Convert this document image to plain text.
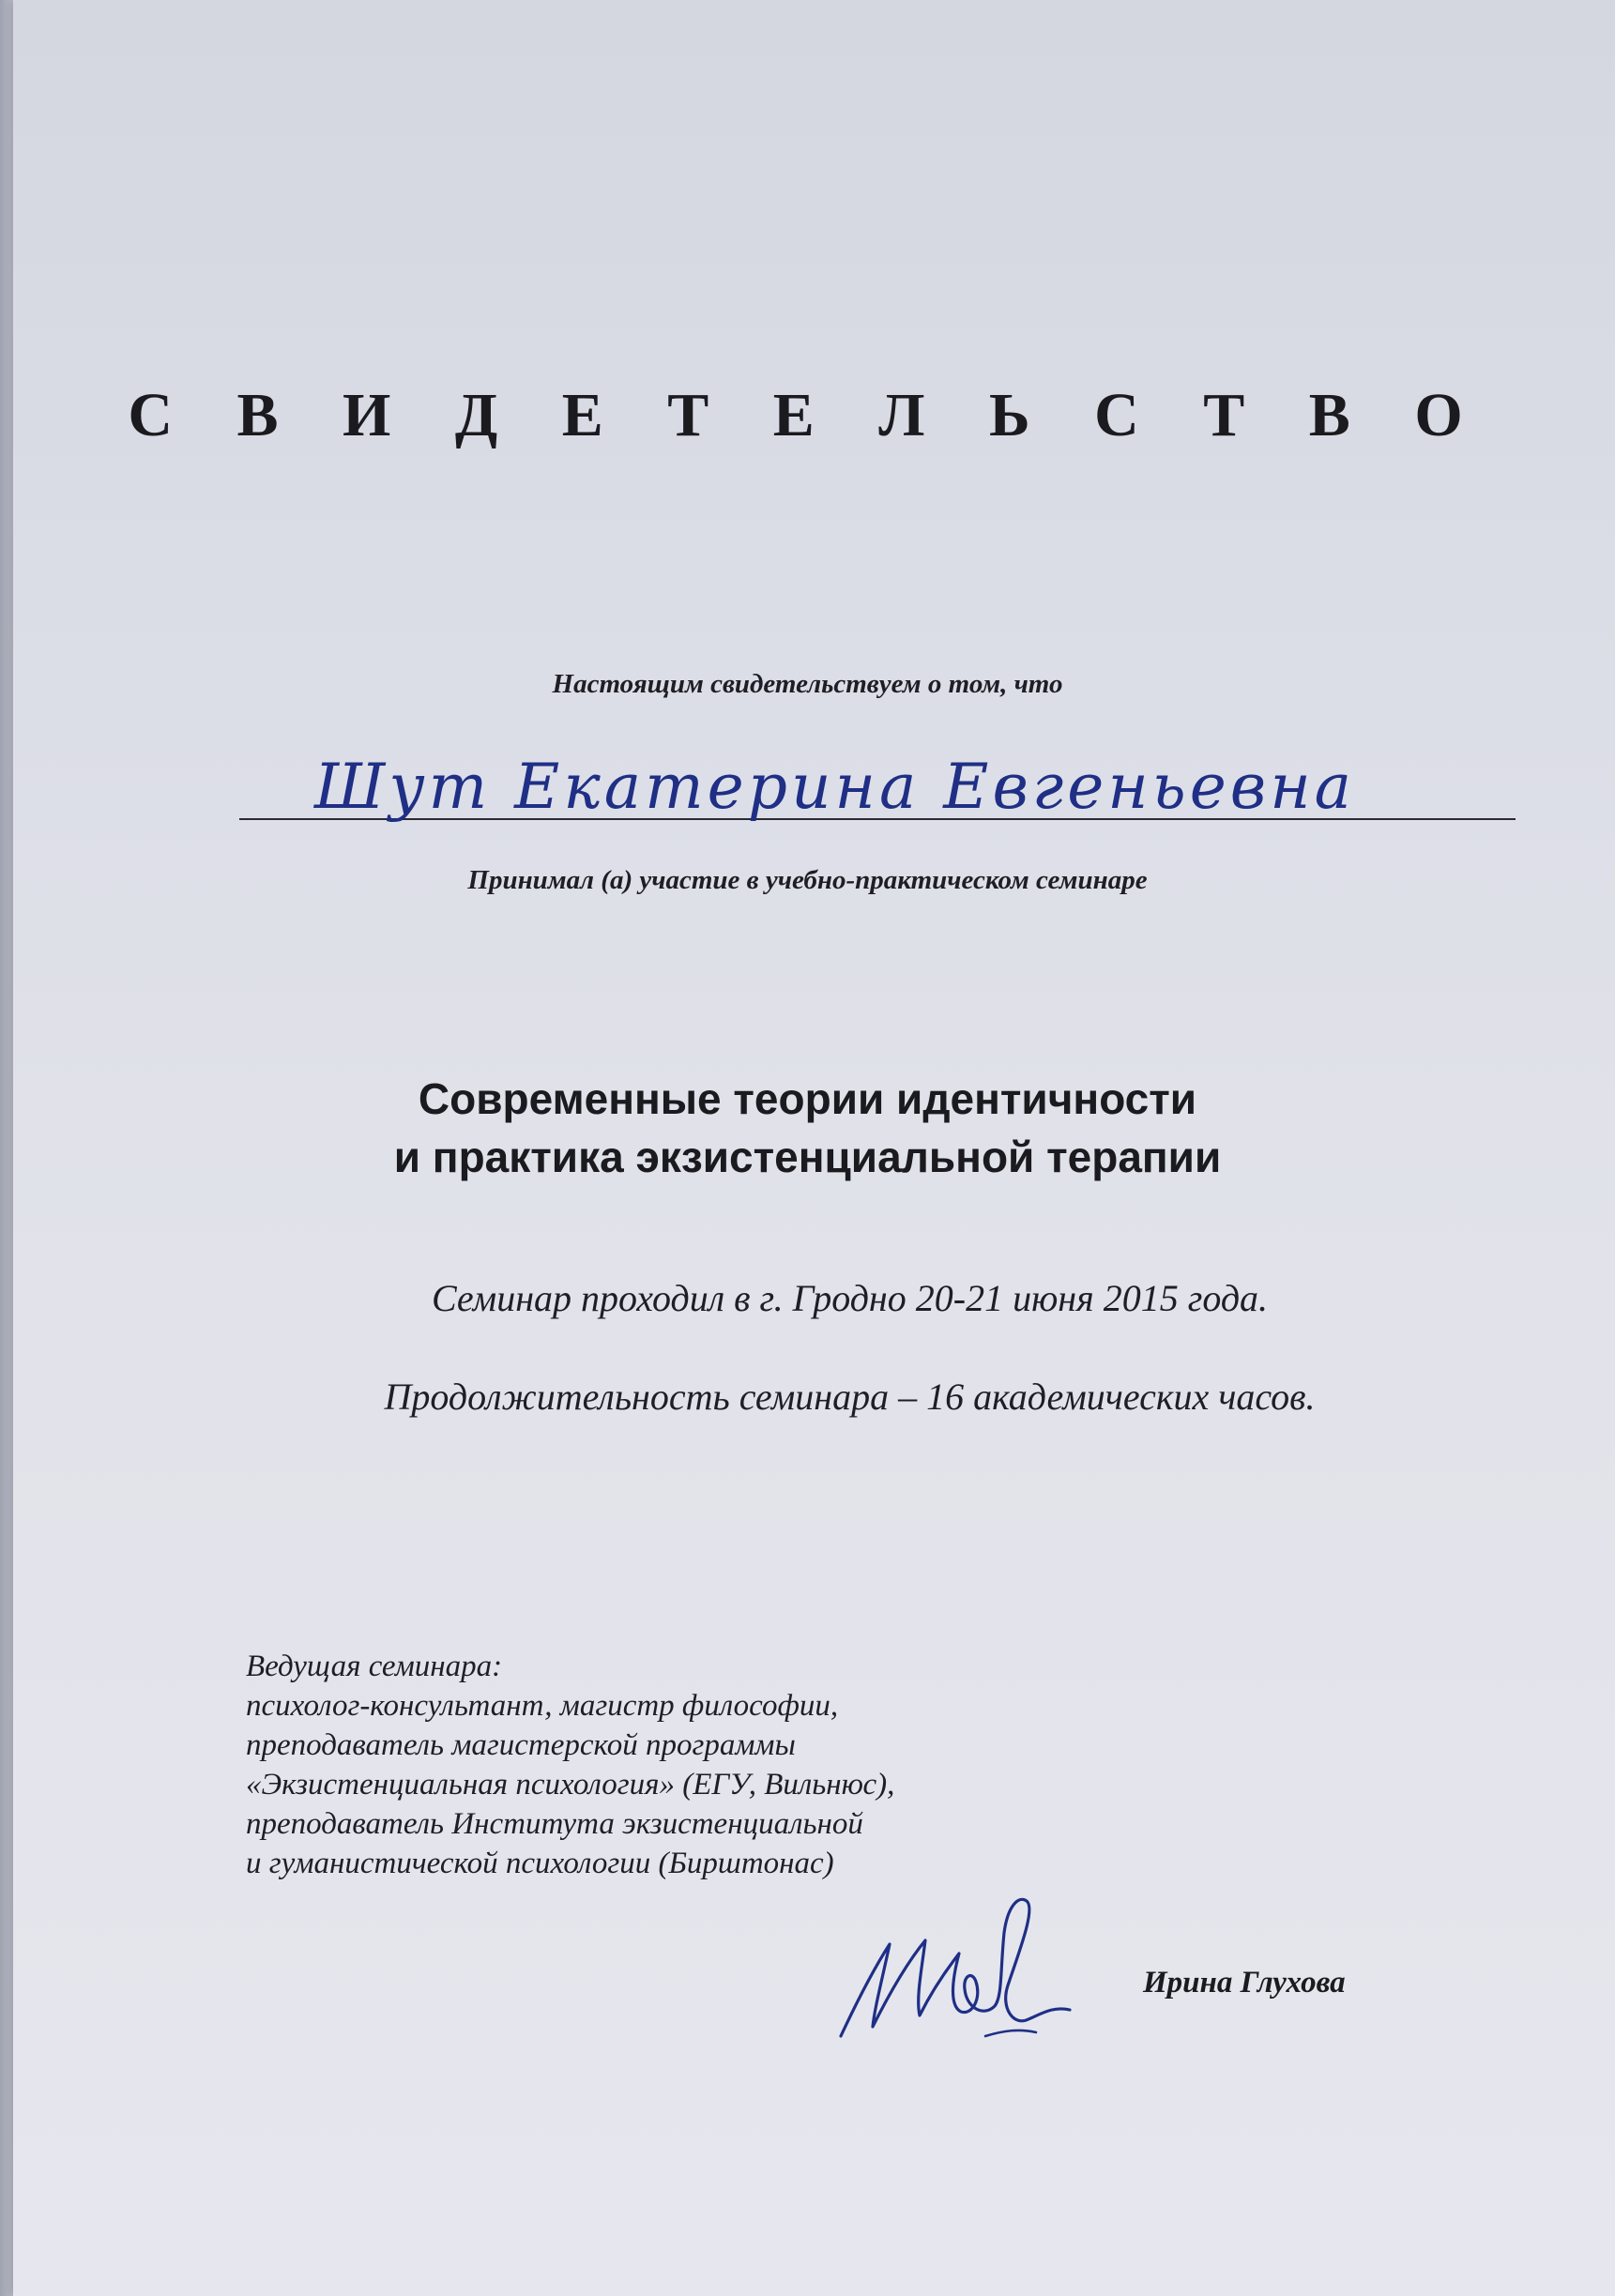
С В И Д Е Т Е Л Ь С Т В О
Настоящим свидетельствуем о том, что
Шут Екатерина Евгеньевна
Принимал (а) участие в учебно-практическом семинаре
Современные теории идентичности
и практика экзистенциальной терапии
Семинар проходил в г. Гродно 20-21 июня 2015 года.
Продолжительность семинара – 16 академических часов.
Ведущая семинара:
психолог-консультант, магистр философии,
преподаватель магистерской программы
«Экзистенциальная психология» (ЕГУ, Вильнюс),
преподаватель Института экзистенциальной
и гуманистической психологии (Бирштонас)
Ирина Глухова
